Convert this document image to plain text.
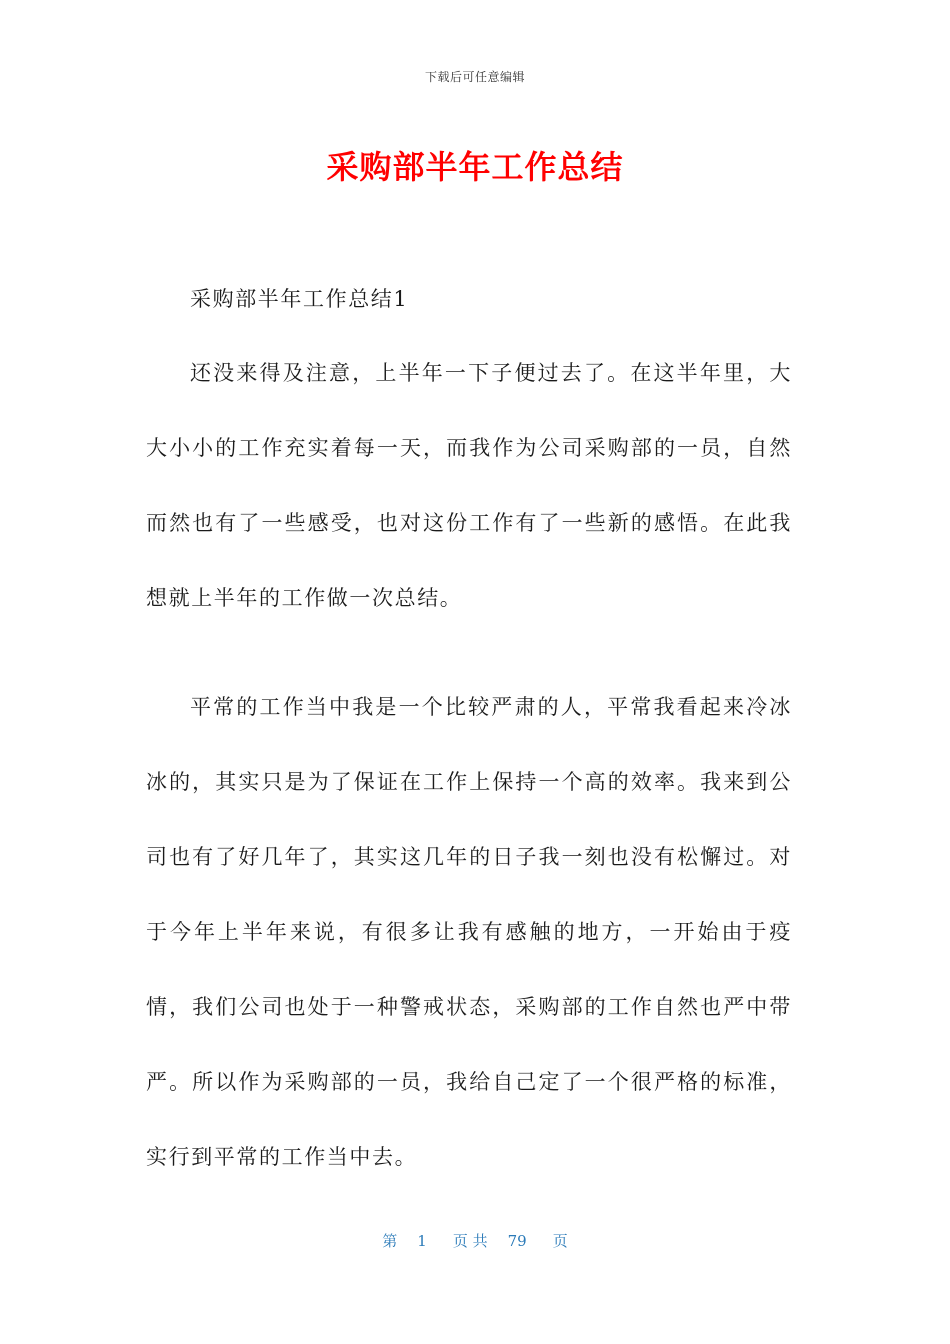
下载后可任意编辑
采购部半年工作总结

采购部半年工作总结1

还没来得及注意，上半年一下子便过去了。在这半年里，大大小小的工作充实着每一天，而我作为公司采购部的一员，自然而然也有了一些感受，也对这份工作有了一些新的感悟。在此我想就上半年的工作做一次总结。

平常的工作当中我是一个比较严肃的人，平常我看起来冷冰冰的，其实只是为了保证在工作上保持一个高的效率。我来到公司也有了好几年了，其实这几年的日子我一刻也没有松懈过。对于今年上半年来说，有很多让我有感触的地方，一开始由于疫情，我们公司也处于一种警戒状态，采购部的工作自然也严中带严。所以作为采购部的一员，我给自己定了一个很严格的标准，实行到平常的工作当中去。

第 1 页 共 79 页
